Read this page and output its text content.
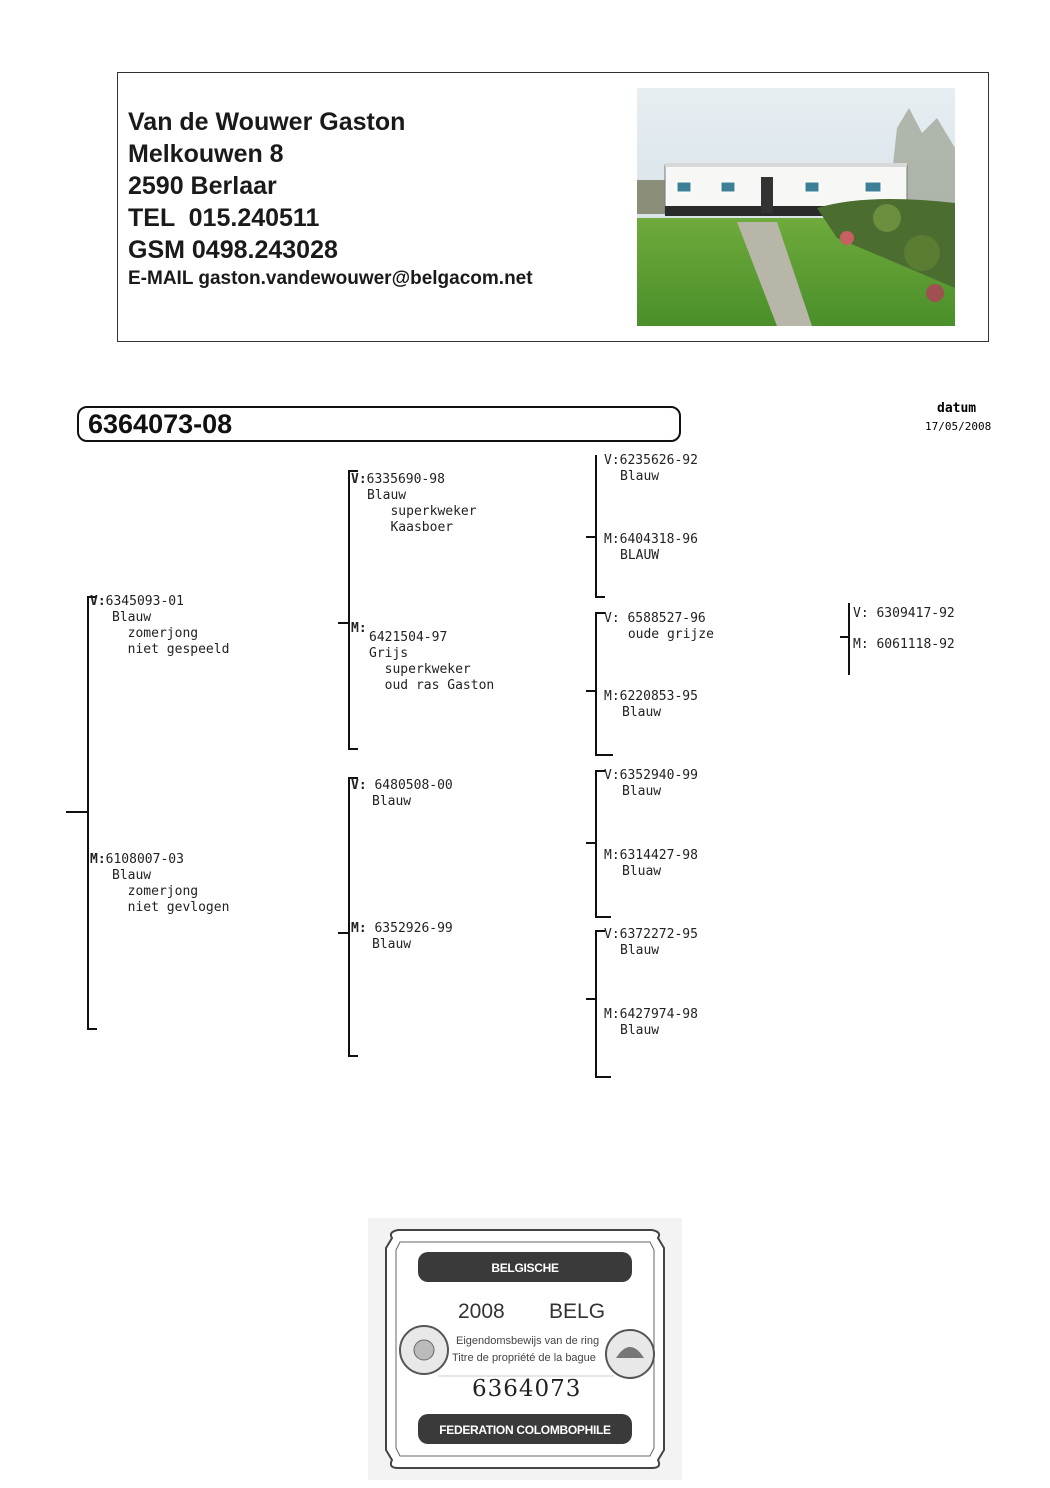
Van de Wouwer Gaston
Melkouwen 8
2590 Berlaar
TEL  015.240511
GSM 0498.243028
E-MAIL gaston.vandewouwer@belgacom.net
6364073-08
datum
17/05/2008
V:6345093-01
Blauw
zomerjong
niet gespeeld
M:6108007-03
Blauw
zomerjong
niet gevlogen
V:6335690-98
Blauw
superkweker
Kaasboer
M:
6421504-97
Grijs
superkweker
oud ras Gaston
V: 6480508-00
Blauw
M: 6352926-99
Blauw
V:6235626-92
Blauw
M:6404318-96
BLAUW
V: 6588527-96
oude grijze
M:6220853-95
Blauw
V:6352940-99
Blauw
M:6314427-98
Bluaw
V:6372272-95
Blauw
M:6427974-98
Blauw
V: 6309417-92
M: 6061118-92
BELGISCHE DUIVENLIEFHEBBERSBOND
2008 BELG
Eigendomsbewijs van de ring
Titre de propriété de la bague
6364073
FEDERATION COLOMBOPHILE BELGE
